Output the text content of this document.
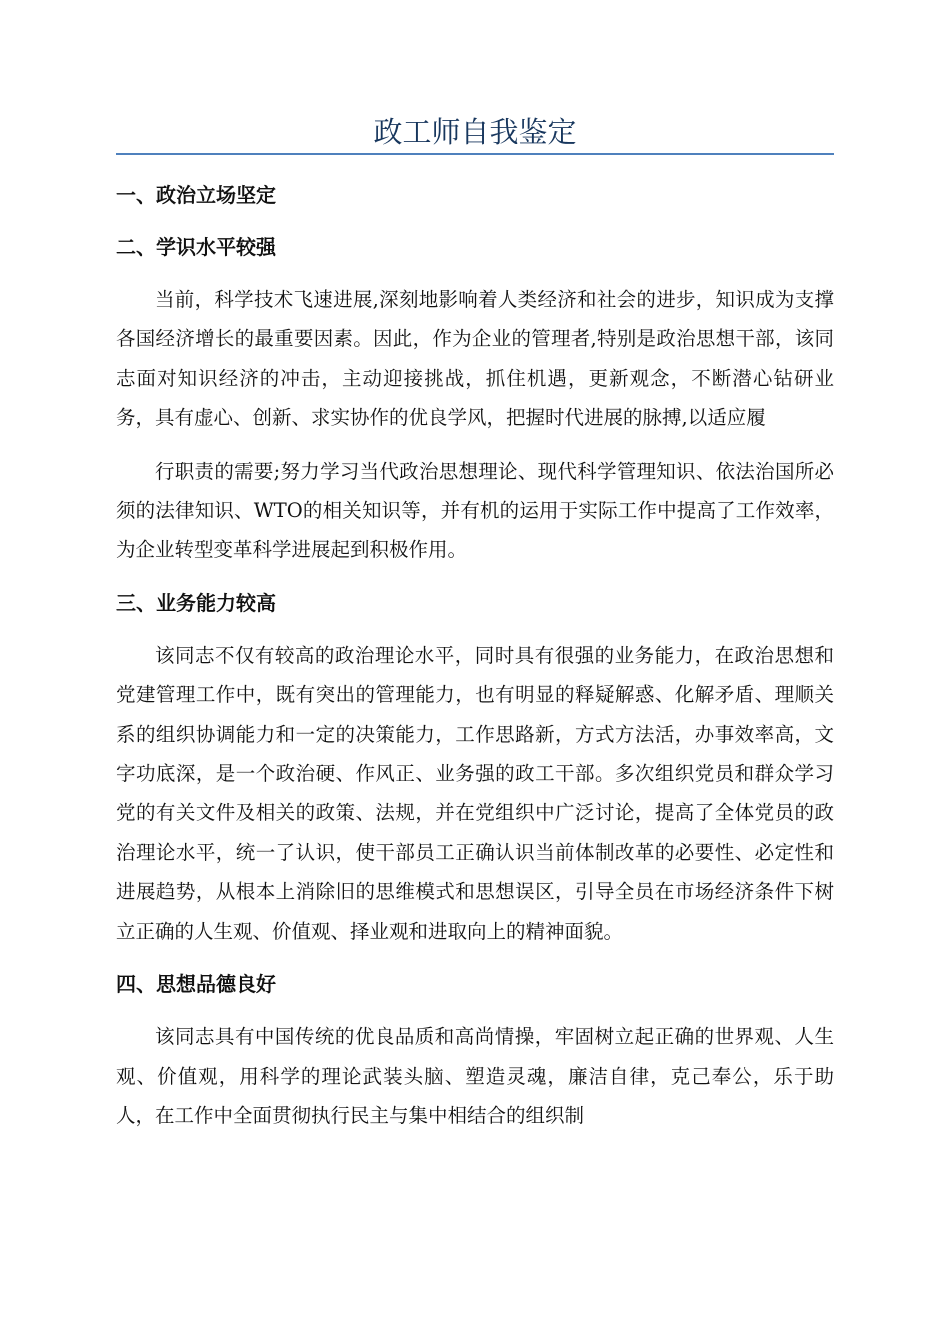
政工师自我鉴定

一、政治立场坚定

二、学识水平较强

当前，科学技术飞速进展,深刻地影响着人类经济和社会的进步，知识成为支撑各国经济增长的最重要因素。因此，作为企业的管理者,特别是政治思想干部，该同志面对知识经济的冲击，主动迎接挑战，抓住机遇，更新观念，不断潜心钻研业务，具有虚心、创新、求实协作的优良学风，把握时代进展的脉搏,以适应履

行职责的需要;努力学习当代政治思想理论、现代科学管理知识、依法治国所必须的法律知识、WTO的相关知识等，并有机的运用于实际工作中提高了工作效率，为企业转型变革科学进展起到积极作用。

三、业务能力较高

该同志不仅有较高的政治理论水平，同时具有很强的业务能力，在政治思想和党建管理工作中，既有突出的管理能力，也有明显的释疑解惑、化解矛盾、理顺关系的组织协调能力和一定的决策能力，工作思路新，方式方法活，办事效率高，文字功底深，是一个政治硬、作风正、业务强的政工干部。多次组织党员和群众学习党的有关文件及相关的政策、法规，并在党组织中广泛讨论，提高了全体党员的政治理论水平，统一了认识，使干部员工正确认识当前体制改革的必要性、必定性和进展趋势，从根本上消除旧的思维模式和思想误区，引导全员在市场经济条件下树立正确的人生观、价值观、择业观和进取向上的精神面貌。

四、思想品德良好

该同志具有中国传统的优良品质和高尚情操，牢固树立起正确的世界观、人生观、价值观，用科学的理论武装头脑、塑造灵魂，廉洁自律，克己奉公，乐于助人，在工作中全面贯彻执行民主与集中相结合的组织制
